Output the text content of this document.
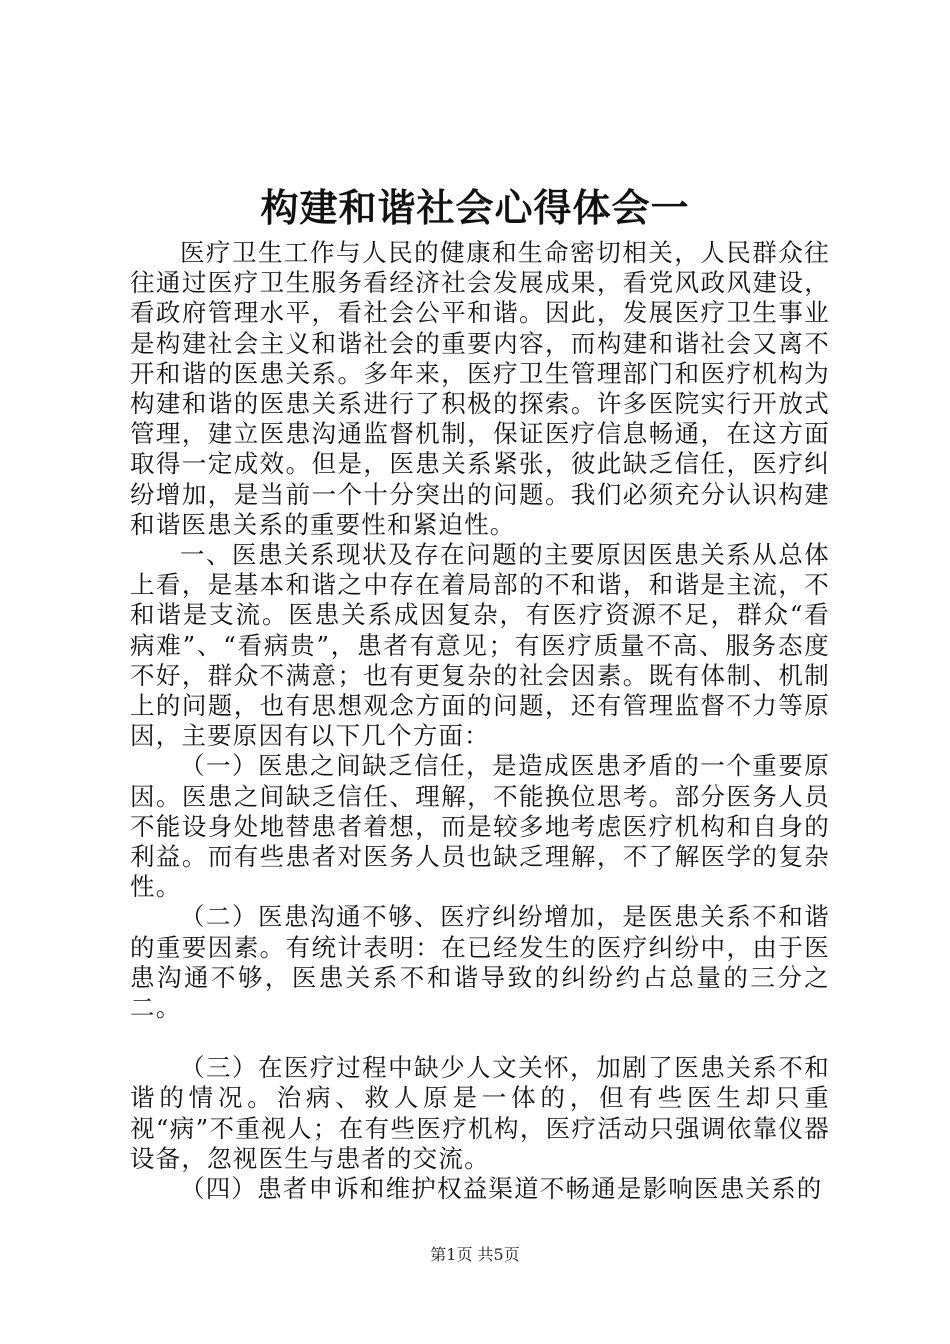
构建和谐社会心得体会一

医疗卫生工作与人民的健康和生命密切相关，人民群众往往通过医疗卫生服务看经济社会发展成果，看党风政风建设，看政府管理水平，看社会公平和谐。因此，发展医疗卫生事业是构建社会主义和谐社会的重要内容，而构建和谐社会又离不开和谐的医患关系。多年来，医疗卫生管理部门和医疗机构为构建和谐的医患关系进行了积极的探索。许多医院实行开放式管理，建立医患沟通监督机制，保证医疗信息畅通，在这方面取得一定成效。但是，医患关系紧张，彼此缺乏信任，医疗纠纷增加，是当前一个十分突出的问题。我们必须充分认识构建和谐医患关系的重要性和紧迫性。

一、医患关系现状及存在问题的主要原因医患关系从总体上看，是基本和谐之中存在着局部的不和谐，和谐是主流，不和谐是支流。医患关系成因复杂，有医疗资源不足，群众“看病难”、“看病贵”，患者有意见；有医疗质量不高、服务态度不好，群众不满意；也有更复杂的社会因素。既有体制、机制上的问题，也有思想观念方面的问题，还有管理监督不力等原因，主要原因有以下几个方面：

（一）医患之间缺乏信任，是造成医患矛盾的一个重要原因。医患之间缺乏信任、理解，不能换位思考。部分医务人员不能设身处地替患者着想，而是较多地考虑医疗机构和自身的利益。而有些患者对医务人员也缺乏理解，不了解医学的复杂性。

（二）医患沟通不够、医疗纠纷增加，是医患关系不和谐的重要因素。有统计表明：在已经发生的医疗纠纷中，由于医患沟通不够，医患关系不和谐导致的纠纷约占总量的三分之二。

（三）在医疗过程中缺少人文关怀，加剧了医患关系不和谐的情况。治病、救人原是一体的，但有些医生却只重视“病”不重视人；在有些医疗机构，医疗活动只强调依靠仪器设备，忽视医生与患者的交流。

（四）患者申诉和维护权益渠道不畅通是影响医患关系的

第1页 共5页
